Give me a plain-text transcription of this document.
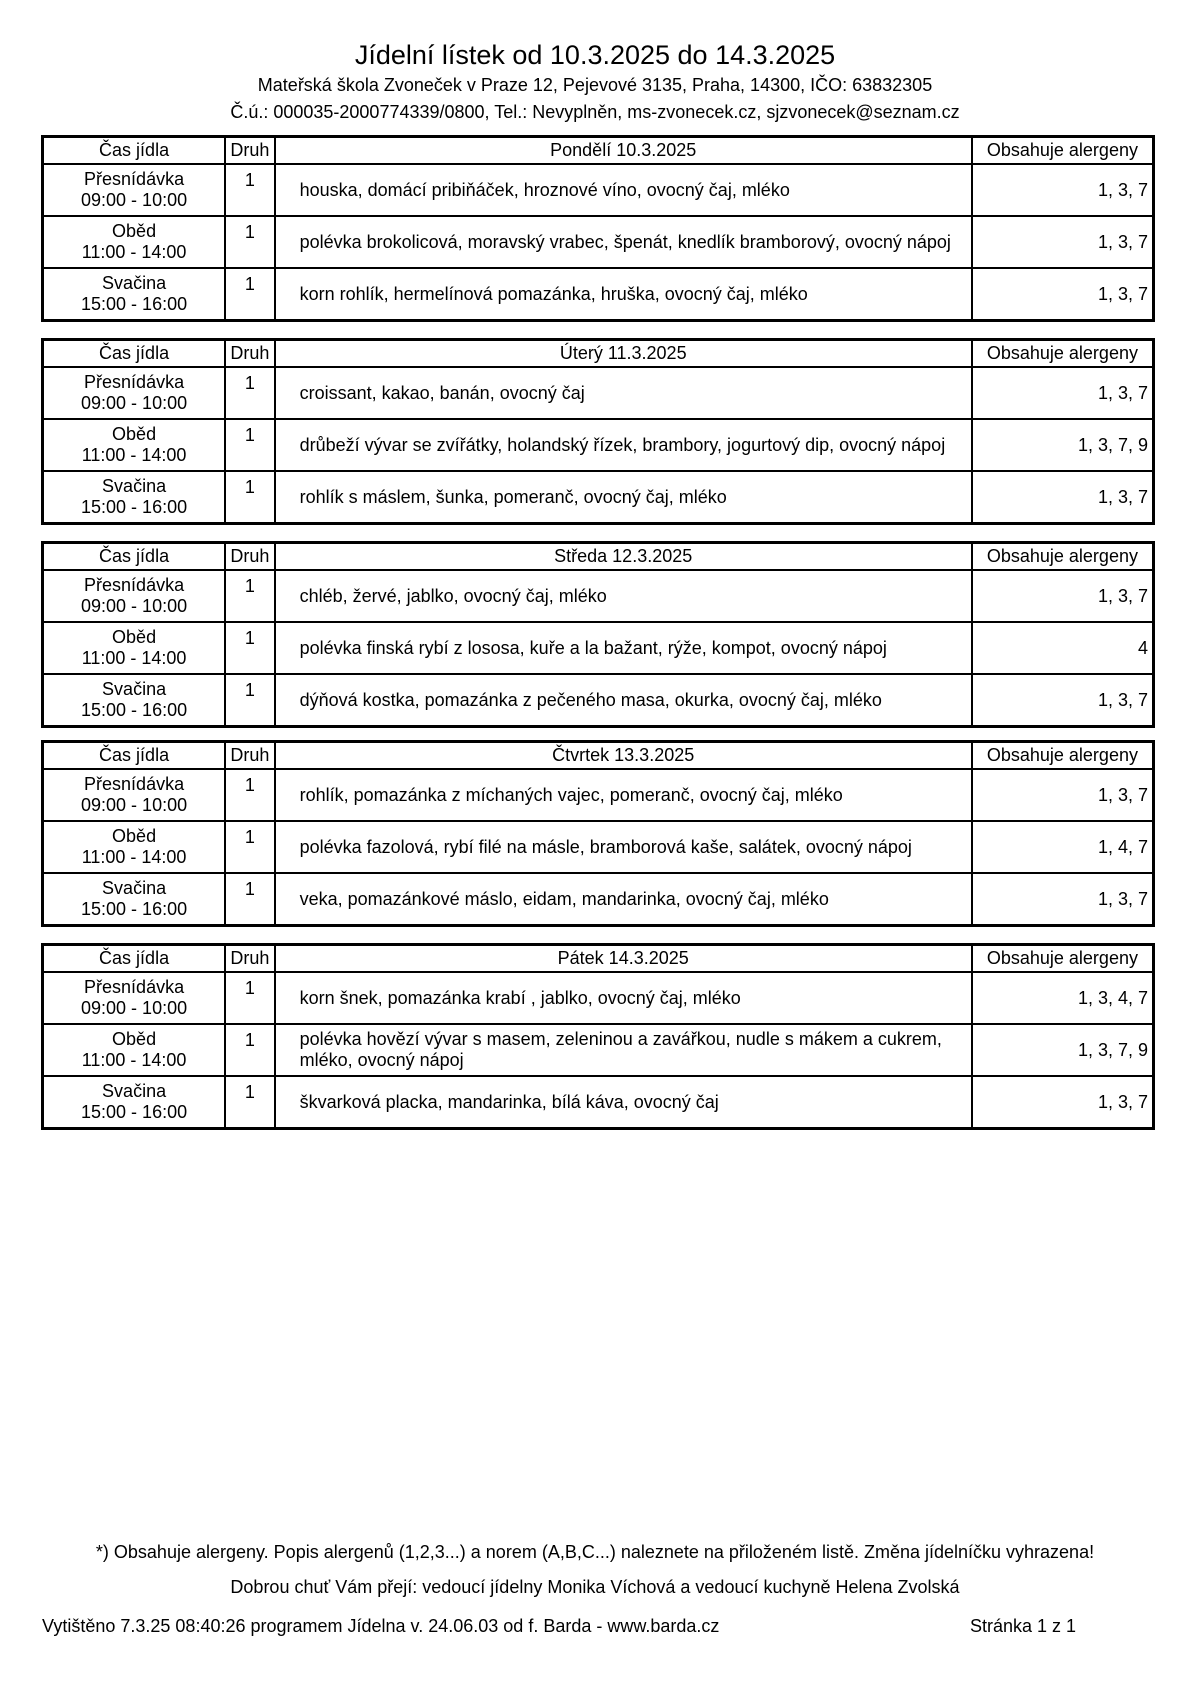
Jídelní lístek od 10.3.2025 do 14.3.2025
Mateřská škola Zvoneček v Praze 12, Pejevové 3135, Praha, 14300, IČO: 63832305
Č.ú.: 000035-2000774339/0800, Tel.: Nevyplněn, ms-zvonecek.cz, sjzvonecek@seznam.cz
Čas jídla	Druh	Pondělí 10.3.2025	Obsahuje alergeny

Přesnídávka
09:00 - 10:00	1	houska, domácí pribiňáček, hroznové víno, ovocný čaj, mléko	1, 3, 7

Oběd
11:00 - 14:00	1	polévka brokolicová, moravský vrabec, špenát, knedlík bramborový, ovocný nápoj	1, 3, 7

Svačina
15:00 - 16:00	1	korn rohlík, hermelínová pomazánka, hruška, ovocný čaj, mléko	1, 3, 7
Čas jídla	Druh	Úterý 11.3.2025	Obsahuje alergeny

Přesnídávka
09:00 - 10:00	1	croissant, kakao, banán, ovocný čaj	1, 3, 7

Oběd
11:00 - 14:00	1	drůbeží vývar se zvířátky, holandský řízek, brambory, jogurtový dip, ovocný nápoj	1, 3, 7, 9

Svačina
15:00 - 16:00	1	rohlík s máslem, šunka, pomeranč, ovocný čaj, mléko	1, 3, 7
Čas jídla	Druh	Středa 12.3.2025	Obsahuje alergeny

Přesnídávka
09:00 - 10:00	1	chléb, žervé, jablko, ovocný čaj, mléko	1, 3, 7

Oběd
11:00 - 14:00	1	polévka finská rybí z lososa, kuře a la bažant, rýže, kompot, ovocný nápoj	4

Svačina
15:00 - 16:00	1	dýňová kostka, pomazánka z pečeného masa, okurka, ovocný čaj, mléko	1, 3, 7
Čas jídla	Druh	Čtvrtek 13.3.2025	Obsahuje alergeny

Přesnídávka
09:00 - 10:00	1	rohlík, pomazánka z míchaných vajec, pomeranč, ovocný čaj, mléko	1, 3, 7

Oběd
11:00 - 14:00	1	polévka fazolová, rybí filé na másle, bramborová kaše, salátek, ovocný nápoj	1, 4, 7

Svačina
15:00 - 16:00	1	veka, pomazánkové máslo, eidam, mandarinka, ovocný čaj, mléko	1, 3, 7
Čas jídla	Druh	Pátek 14.3.2025	Obsahuje alergeny

Přesnídávka
09:00 - 10:00	1	korn šnek, pomazánka krabí , jablko, ovocný čaj, mléko	1, 3, 4, 7

Oběd
11:00 - 14:00	1	polévka hovězí vývar s masem, zeleninou a zavářkou, nudle s mákem a cukrem, mléko, ovocný nápoj	1, 3, 7, 9

Svačina
15:00 - 16:00	1	škvarková placka, mandarinka, bílá káva, ovocný čaj	1, 3, 7
*) Obsahuje alergeny. Popis alergenů (1,2,3...) a norem (A,B,C...) naleznete na přiloženém listě. Změna jídelníčku vyhrazena!
Dobrou chuť Vám přejí: vedoucí jídelny Monika Víchová a vedoucí kuchyně Helena Zvolská
Vytištěno 7.3.25 08:40:26 programem Jídelna v. 24.06.03 od f. Barda - www.barda.cz	Stránka 1 z 1
